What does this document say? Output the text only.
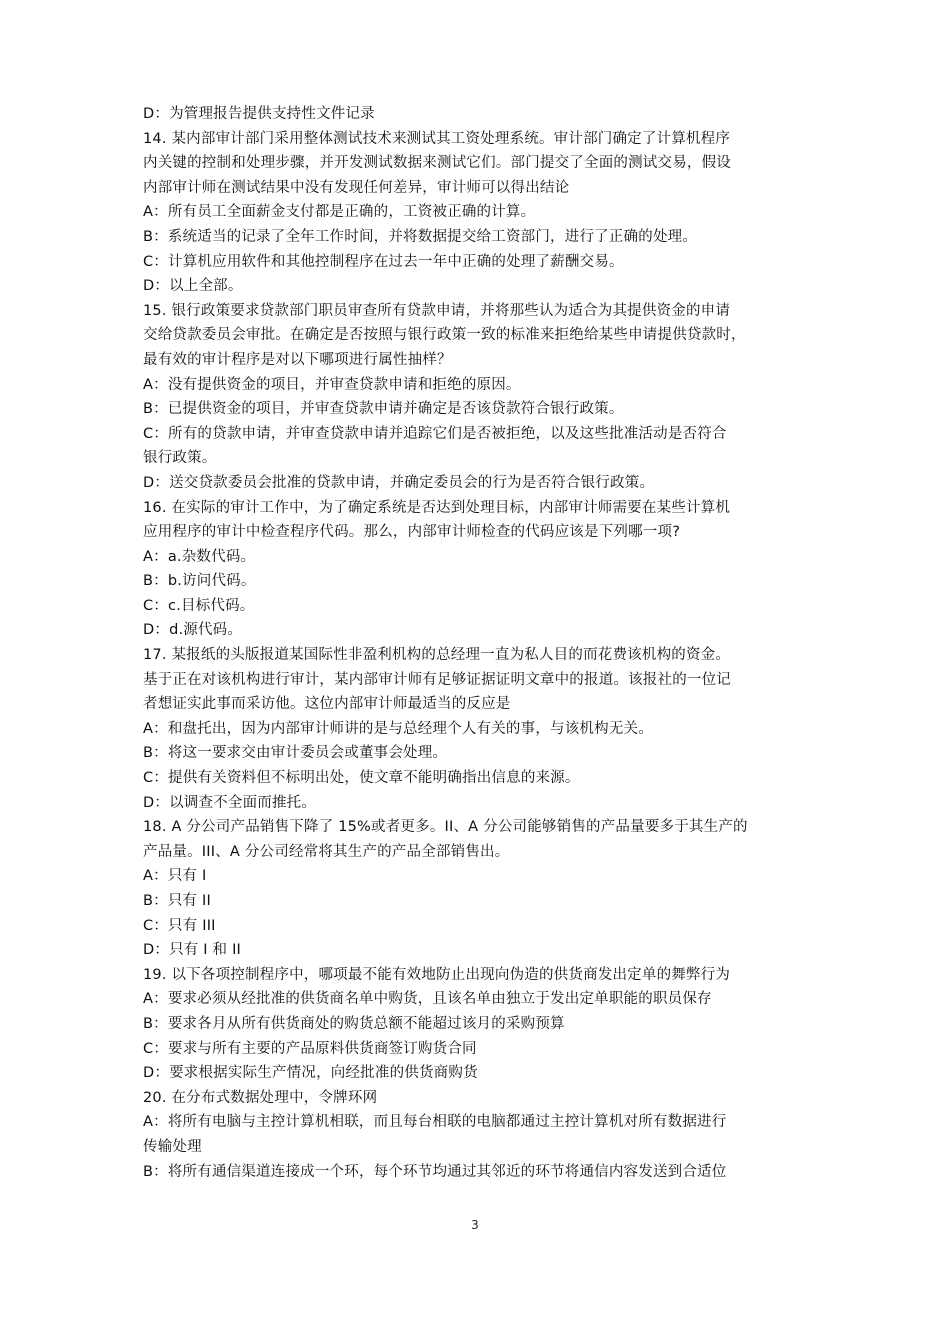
D：为管理报告提供支持性文件记录
14. 某内部审计部门采用整体测试技术来测试其工资处理系统。审计部门确定了计算机程序
内关键的控制和处理步骤，并开发测试数据来测试它们。部门提交了全面的测试交易，假设
内部审计师在测试结果中没有发现任何差异，审计师可以得出结论
A：所有员工全面薪金支付都是正确的，工资被正确的计算。
B：系统适当的记录了全年工作时间，并将数据提交给工资部门，进行了正确的处理。
C：计算机应用软件和其他控制程序在过去一年中正确的处理了薪酬交易。
D：以上全部。
15. 银行政策要求贷款部门职员审查所有贷款申请，并将那些认为适合为其提供资金的申请
交给贷款委员会审批。在确定是否按照与银行政策一致的标准来拒绝给某些申请提供贷款时，
最有效的审计程序是对以下哪项进行属性抽样？
A：没有提供资金的项目，并审查贷款申请和拒绝的原因。
B：已提供资金的项目，并审查贷款申请并确定是否该贷款符合银行政策。
C：所有的贷款申请，并审查贷款申请并追踪它们是否被拒绝，以及这些批准活动是否符合
银行政策。
D：送交贷款委员会批准的贷款申请，并确定委员会的行为是否符合银行政策。
16. 在实际的审计工作中，为了确定系统是否达到处理目标，内部审计师需要在某些计算机
应用程序的审计中检查程序代码。那么，内部审计师检查的代码应该是下列哪一项?
A：a.杂数代码。
B：b.访问代码。
C：c.目标代码。
D：d.源代码。
17. 某报纸的头版报道某国际性非盈利机构的总经理一直为私人目的而花费该机构的资金。
基于正在对该机构进行审计，某内部审计师有足够证据证明文章中的报道。该报社的一位记
者想证实此事而采访他。这位内部审计师最适当的反应是
A：和盘托出，因为内部审计师讲的是与总经理个人有关的事，与该机构无关。
B：将这一要求交由审计委员会或董事会处理。
C：提供有关资料但不标明出处，使文章不能明确指出信息的来源。
D：以调查不全面而推托。
18. A 分公司产品销售下降了 15%或者更多。II、A 分公司能够销售的产品量要多于其生产的
产品量。III、A 分公司经常将其生产的产品全部销售出。
A：只有 I
B：只有 II
C：只有 III
D：只有 I 和 II
19. 以下各项控制程序中，哪项最不能有效地防止出现向伪造的供货商发出定单的舞弊行为
A：要求必须从经批准的供货商名单中购货，且该名单由独立于发出定单职能的职员保存
B：要求各月从所有供货商处的购货总额不能超过该月的采购预算
C：要求与所有主要的产品原料供货商签订购货合同
D：要求根据实际生产情况，向经批准的供货商购货
20. 在分布式数据处理中，令牌环网
A：将所有电脑与主控计算机相联，而且每台相联的电脑都通过主控计算机对所有数据进行
传输处理
B：将所有通信渠道连接成一个环，每个环节均通过其邻近的环节将通信内容发送到合适位
3
